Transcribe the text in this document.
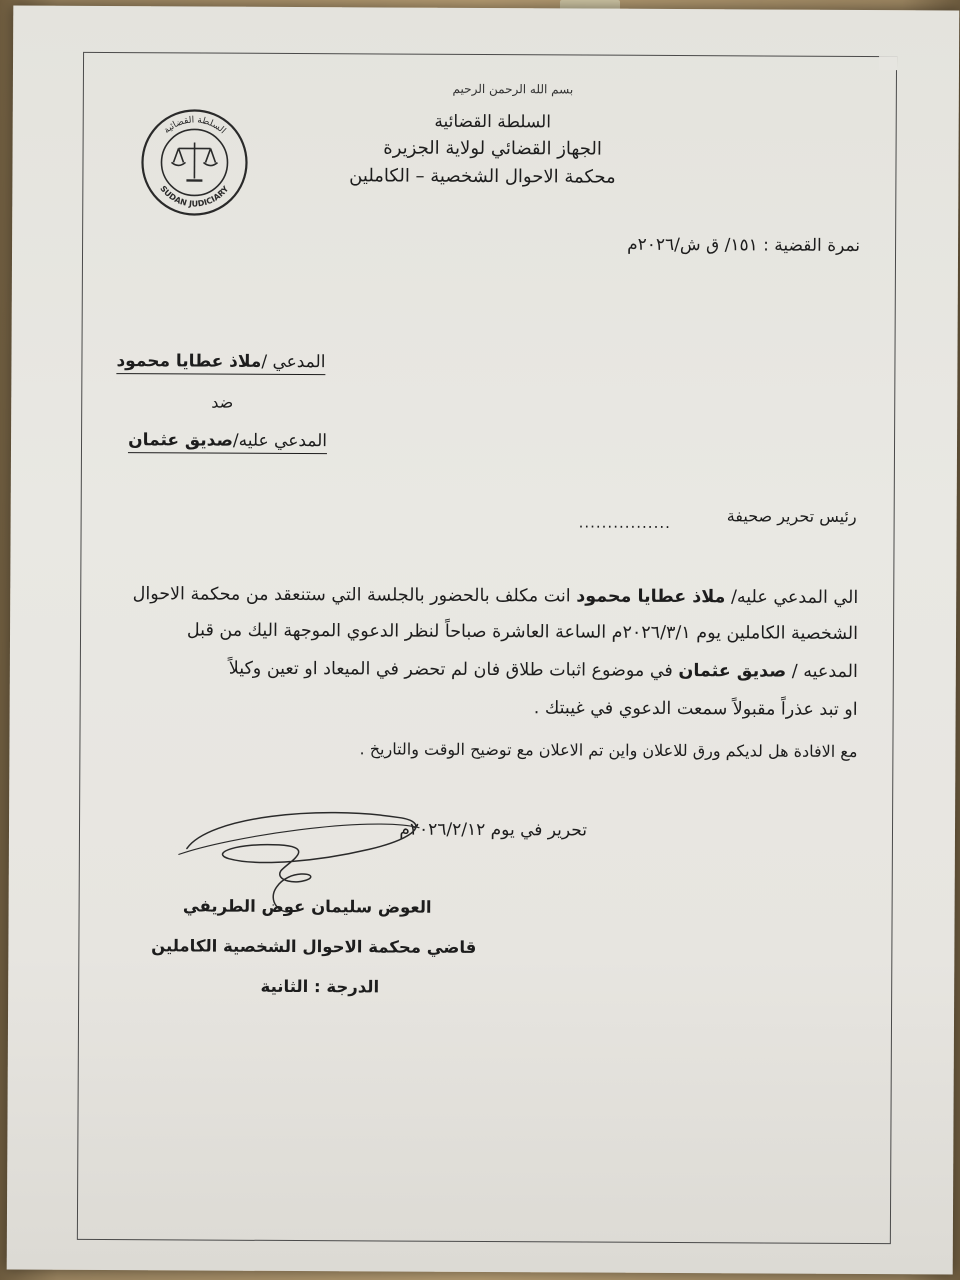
السلطة القضائية
SUDAN JUDICIARY
بسم الله الرحمن الرحيم
السلطة القضائية
الجهاز القضائي لولاية الجزيرة
محكمة الاحوال الشخصية – الكاملين
نمرة القضية : ١٥١/ ق ش/٢٠٢٦م
المدعي /ملاذ عطايا محمود
ضد
المدعي عليه/صديق عثمان
رئيس تحرير صحيفة
................
الي المدعي عليه/ ملاذ عطايا محمود انت مكلف بالحضور بالجلسة التي ستنعقد من محكمة الاحوال
الشخصية الكاملين يوم ٢٠٢٦/٣/١م الساعة العاشرة صباحاً لنظر الدعوي الموجهة اليك من قبل
المدعيه / صديق عثمان في موضوع اثبات طلاق فان لم تحضر في الميعاد او تعين وكيلاً
او تبد عذراً مقبولاً سمعت الدعوي في غيبتك .
مع الافادة هل لديكم ورق للاعلان واين تم الاعلان مع توضيح الوقت والتاريخ .
تحرير في يوم ٢٠٢٦/٢/١٢م
العوض سليمان عوض الطريفي
قاضي محكمة الاحوال الشخصية الكاملين
الدرجة : الثانية
